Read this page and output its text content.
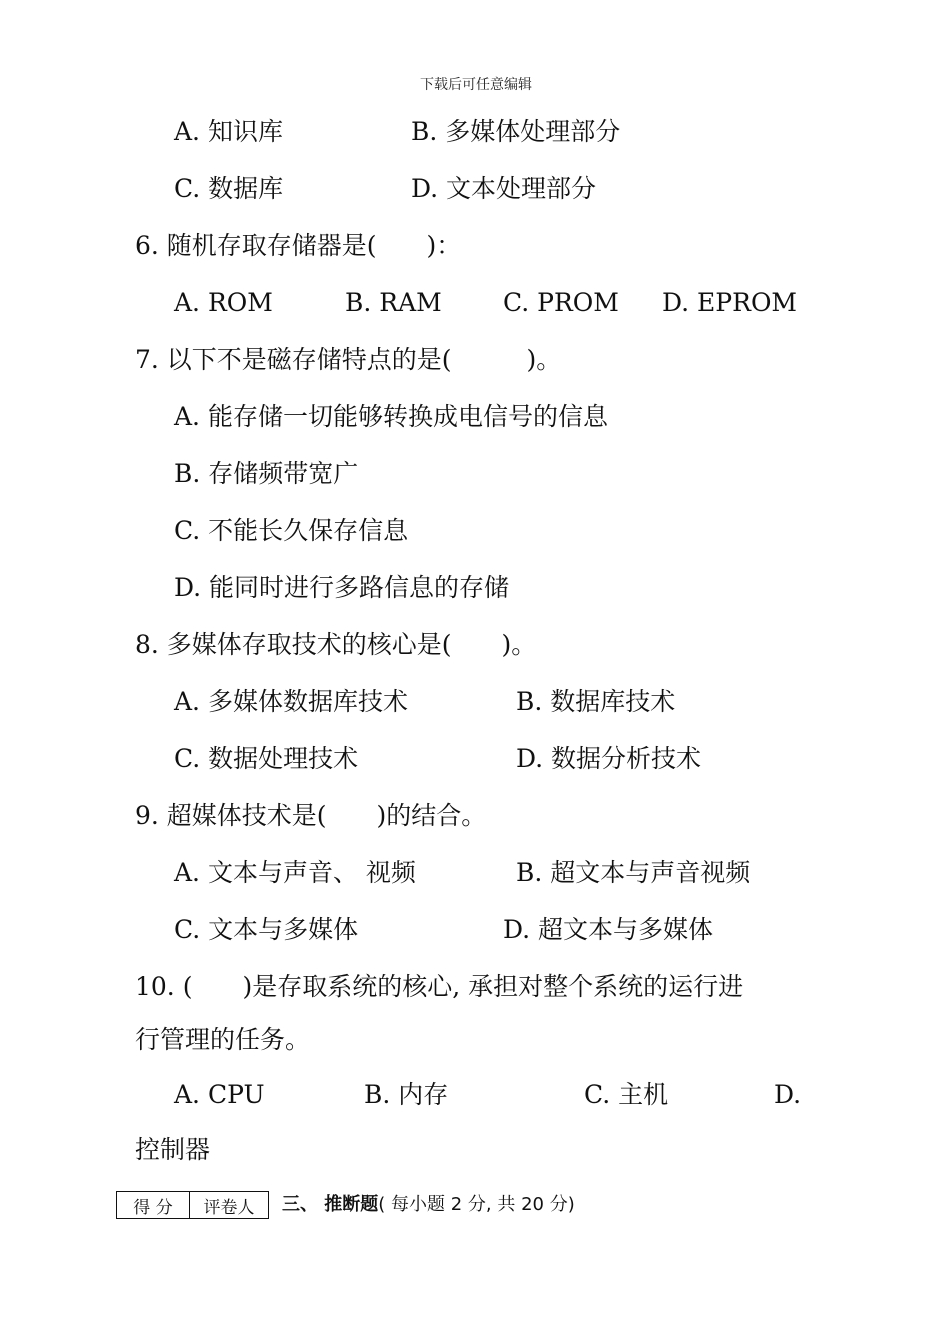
下载后可任意编辑
A. 知识库	B. 多媒体处理部分
C. 数据库	D. 文本处理部分
6. 随机存取存储器是(　　)：
A. ROM	B. RAM C. PROM D. EPROM
7. 以下不是磁存储特点的是(　　　)。
A. 能存储一切能够转换成电信号的信息
B. 存储频带宽广
C. 不能长久保存信息
D. 能同时进行多路信息的存储
8. 多媒体存取技术的核心是(　　)。
A. 多媒体数据库技术	B. 数据库技术
C. 数据处理技术	D. 数据分析技术
9. 超媒体技术是(　　)的结合。
A. 文本与声音、 视频	B. 超文本与声音视频
C. 文本与多媒体	D. 超文本与多媒体
10. (　　)是存取系统的核心, 承担对整个系统的运行进
行管理的任务。
A. CPU	B. 内存	C. 主机	D.
控制器
得 分	评卷人 三、 推断题( 每小题 2 分, 共 20 分)
